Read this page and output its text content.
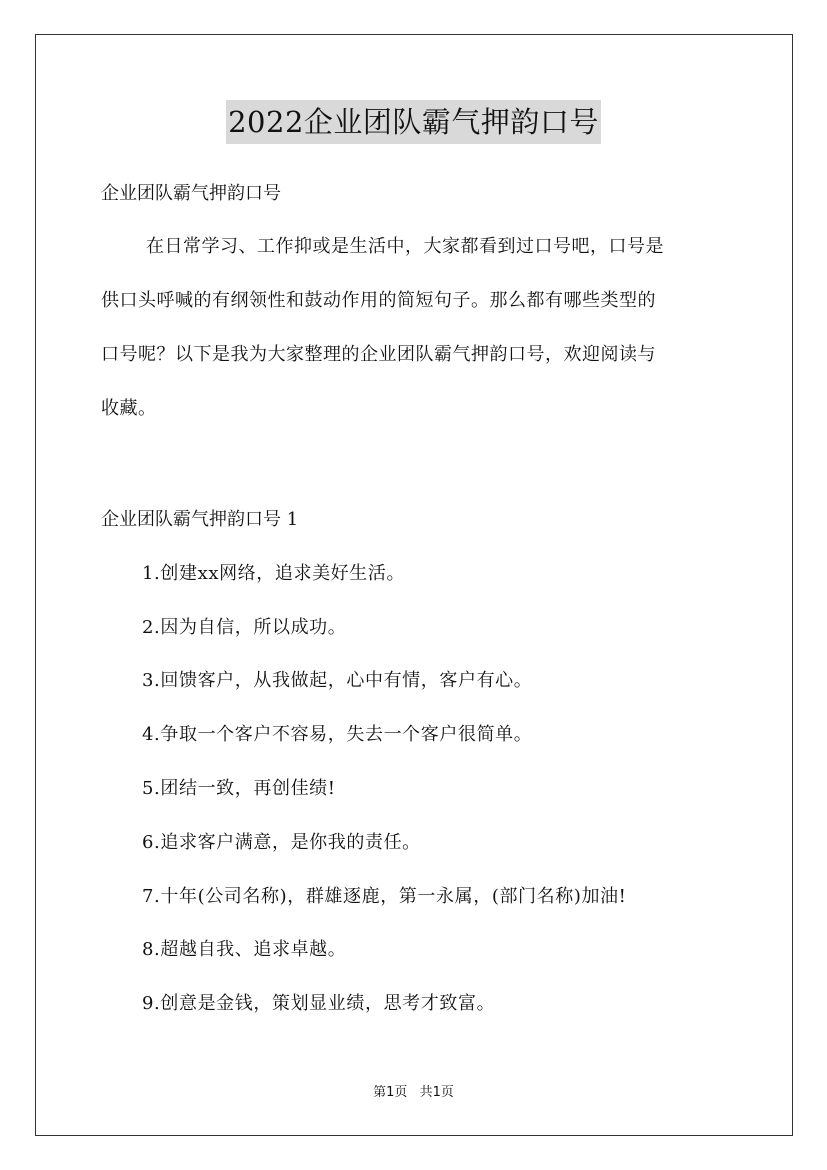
2022企业团队霸气押韵口号

企业团队霸气押韵口号

在日常学习、工作抑或是生活中，大家都看到过口号吧，口号是

供口头呼喊的有纲领性和鼓动作用的简短句子。那么都有哪些类型的

口号呢？以下是我为大家整理的企业团队霸气押韵口号，欢迎阅读与

收藏。

企业团队霸气押韵口号 1

1.创建xx网络，追求美好生活。

2.因为自信，所以成功。

3.回馈客户，从我做起，心中有情，客户有心。

4.争取一个客户不容易，失去一个客户很简单。

5.团结一致，再创佳绩!

6.追求客户满意，是你我的责任。

7.十年(公司名称)，群雄逐鹿，第一永属，(部门名称)加油!

8.超越自我、追求卓越。

9.创意是金钱，策划显业绩，思考才致富。

第1页 共1页
